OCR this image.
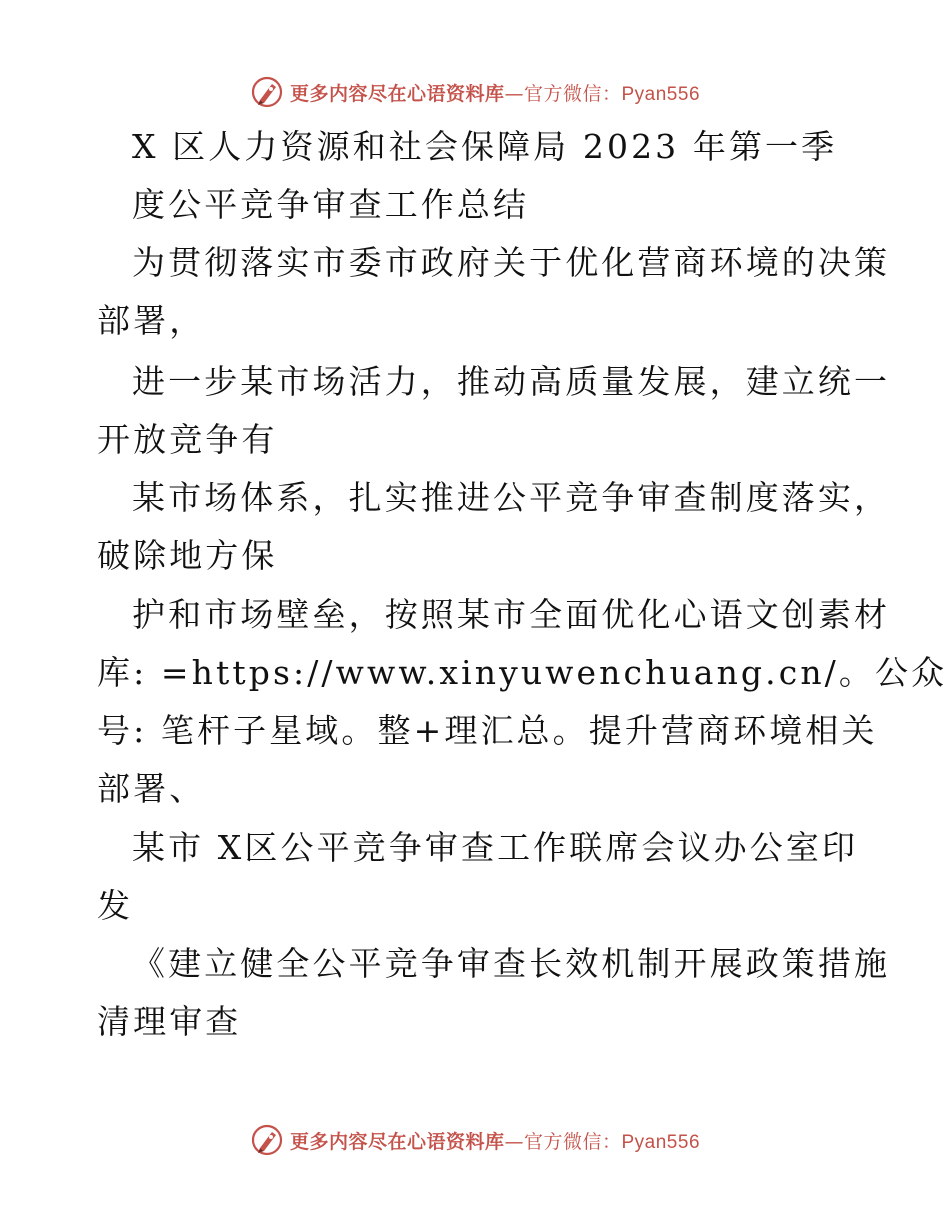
更多内容尽在心语资料库—官方微信：Pyan556
X 区人力资源和社会保障局 2023 年第一季
度公平竞争审查工作总结
为贯彻落实市委市政府关于优化营商环境的决策
部署，
进一步某市场活力，推动高质量发展，建立统一
开放竞争有
某市场体系，扎实推进公平竞争审查制度落实，
破除地方保
护和市场壁垒，按照某市全面优化心语文创素材
库: =https://www.xinyuwenchuang.cn/。公众
号: 笔杆子星域。整+理汇总。提升营商环境相关
部署、
某市 X区公平竞争审查工作联席会议办公室印
发
《建立健全公平竞争审查长效机制开展政策措施
清理审查
更多内容尽在心语资料库—官方微信：Pyan556
